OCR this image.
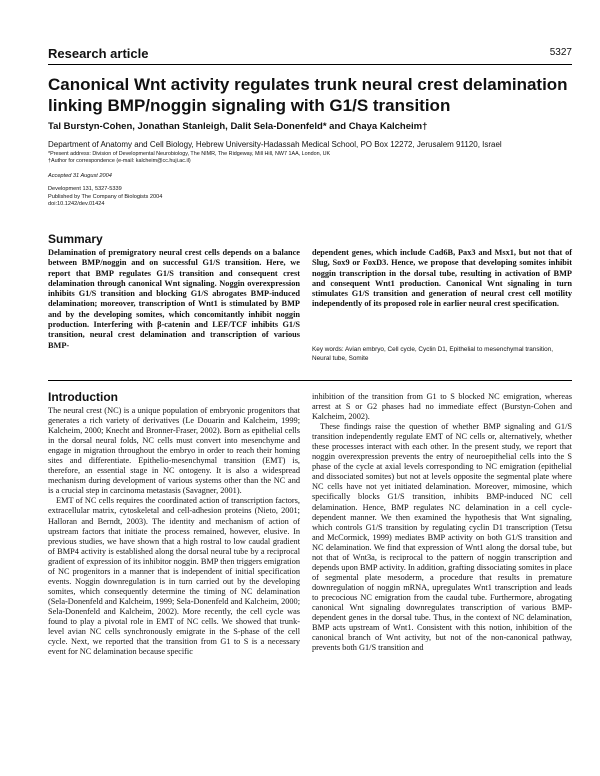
Research article	5327
Canonical Wnt activity regulates trunk neural crest delamination linking BMP/noggin signaling with G1/S transition
Tal Burstyn-Cohen, Jonathan Stanleigh, Dalit Sela-Donenfeld* and Chaya Kalcheim†
Department of Anatomy and Cell Biology, Hebrew University-Hadassah Medical School, PO Box 12272, Jerusalem 91120, Israel
*Present address: Division of Developmental Neurobiology, The NIMR, The Ridgeway, Mill Hill, NW7 1AA, London, UK
†Author for correspondence (e-mail: kalcheim@cc.huji.ac.il)
Accepted 31 August 2004
Development 131, 5327-5339
Published by The Company of Biologists 2004
doi:10.1242/dev.01424
Summary

Delamination of premigratory neural crest cells depends on a balance between BMP/noggin and on successful G1/S transition. Here, we report that BMP regulates G1/S transition and consequent crest delamination through canonical Wnt signaling. Noggin overexpression inhibits G1/S transition and blocking G1/S abrogates BMP-induced delamination; moreover, transcription of Wnt1 is stimulated by BMP and by the developing somites, which concomitantly inhibit noggin production. Interfering with β-catenin and LEF/TCF inhibits G1/S transition, neural crest delamination and transcription of various BMP-

dependent genes, which include Cad6B, Pax3 and Msx1, but not that of Slug, Sox9 or FoxD3. Hence, we propose that developing somites inhibit noggin transcription in the dorsal tube, resulting in activation of BMP and consequent Wnt1 production. Canonical Wnt signaling in turn stimulates G1/S transition and generation of neural crest cell motility independently of its proposed role in earlier neural crest specification.

Key words: Avian embryo, Cell cycle, Cyclin D1, Epithelial to mesenchymal transition, Neural tube, Somite

Introduction

The neural crest (NC) is a unique population of embryonic progenitors that generates a rich variety of derivatives (Le Douarin and Kalcheim, 1999; Kalcheim, 2000; Knecht and Bronner-Fraser, 2002). Born as epithelial cells in the dorsal neural folds, NC cells must convert into mesenchyme and engage in migration throughout the embryo in order to reach their homing sites and differentiate. Epithelio-mesenchymal transition (EMT) is, therefore, an essential stage in NC ontogeny. It is also a widespread mechanism during development of various systems other than the NC and is a crucial step in carcinoma metastasis (Savagner, 2001).

EMT of NC cells requires the coordinated action of transcription factors, extracellular matrix, cytoskeletal and cell-adhesion proteins (Nieto, 2001; Halloran and Berndt, 2003). The identity and mechanism of action of upstream factors that initiate the process remained, however, elusive. In previous studies, we have shown that a high rostral to low caudal gradient of BMP4 activity is established along the dorsal neural tube by a reciprocal gradient of expression of its inhibitor noggin. BMP then triggers emigration of NC progenitors in a manner that is independent of initial specification events. Noggin downregulation is in turn carried out by the developing somites, which consequently determine the timing of NC delamination (Sela-Donenfeld and Kalcheim, 1999; Sela-Donenfeld and Kalcheim, 2000; Sela-Donenfeld and Kalcheim, 2002). More recently, the cell cycle was found to play a pivotal role in EMT of NC cells. We showed that trunk-level avian NC cells synchronously emigrate in the S-phase of the cell cycle. Next, we reported that the transition from G1 to S is a necessary event for NC delamination because specific

inhibition of the transition from G1 to S blocked NC emigration, whereas arrest at S or G2 phases had no immediate effect (Burstyn-Cohen and Kalcheim, 2002).

These findings raise the question of whether BMP signaling and G1/S transition independently regulate EMT of NC cells or, alternatively, whether these processes interact with each other. In the present study, we report that noggin overexpression prevents the entry of neuroepithelial cells into the S phase of the cycle at axial levels corresponding to NC emigration (epithelial and dissociated somites) but not at levels opposite the segmental plate where NC cells have not yet initiated delamination. Moreover, mimosine, which specifically blocks G1/S transition, inhibits BMP-induced NC cell delamination. Hence, BMP regulates NC delamination in a cell cycle-dependent manner. We then examined the hypothesis that Wnt signaling, which controls G1/S transition by regulating cyclin D1 transcription (Tetsu and McCormick, 1999) mediates BMP activity on both G1/S transition and NC delamination. We find that expression of Wnt1 along the dorsal tube, but not that of Wnt3a, is reciprocal to the pattern of noggin transcription and depends upon BMP activity. In addition, grafting dissociating somites in place of segmental plate mesoderm, a procedure that results in premature downregulation of noggin mRNA, upregulates Wnt1 transcription and leads to precocious NC emigration from the caudal tube. Furthermore, abrogating canonical Wnt signaling downregulates transcription of various BMP-dependent genes in the dorsal tube. Thus, in the context of NC delamination, BMP acts upstream of Wnt1. Consistent with this notion, inhibition of the canonical branch of Wnt activity, but not of the non-canonical pathway, prevents both G1/S transition and
